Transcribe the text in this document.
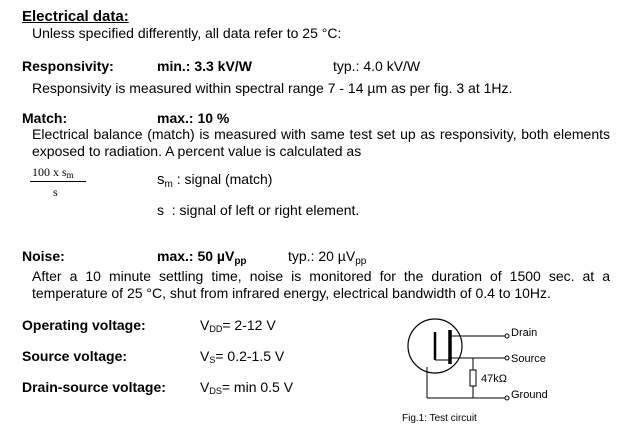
Electrical data:
Unless specified differently, all data refer to 25 °C:
Responsivity:	min.: 3.3 kV/W	typ.: 4.0 kV/W
Responsivity is measured within spectral range 7 - 14 µm as per fig. 3 at 1Hz.
Match:	max.: 10 %
Electrical balance (match) is measured with same test set up as responsivity, both elements
exposed to radiation. A percent value is calculated as
100 x sm
s
$s_m$ : signal (match)
s : signal of left or right element.
Noise:	max.: 50 µV$_{pp}$	typ.: 20 µV$_{pp}$
After a 10 minute settling time, noise is monitored for the duration of 1500 sec. at a
temperature of 25 °C, shut from infrared energy, electrical bandwidth of 0.4 to 10Hz.
Operating voltage:	VDD= 2-12 V
Source voltage:	VS= 0.2-1.5 V
Drain-source voltage: VDS= min 0.5 V
Drain
Source
47kΩ
Ground
Fig.1: Test circuit
